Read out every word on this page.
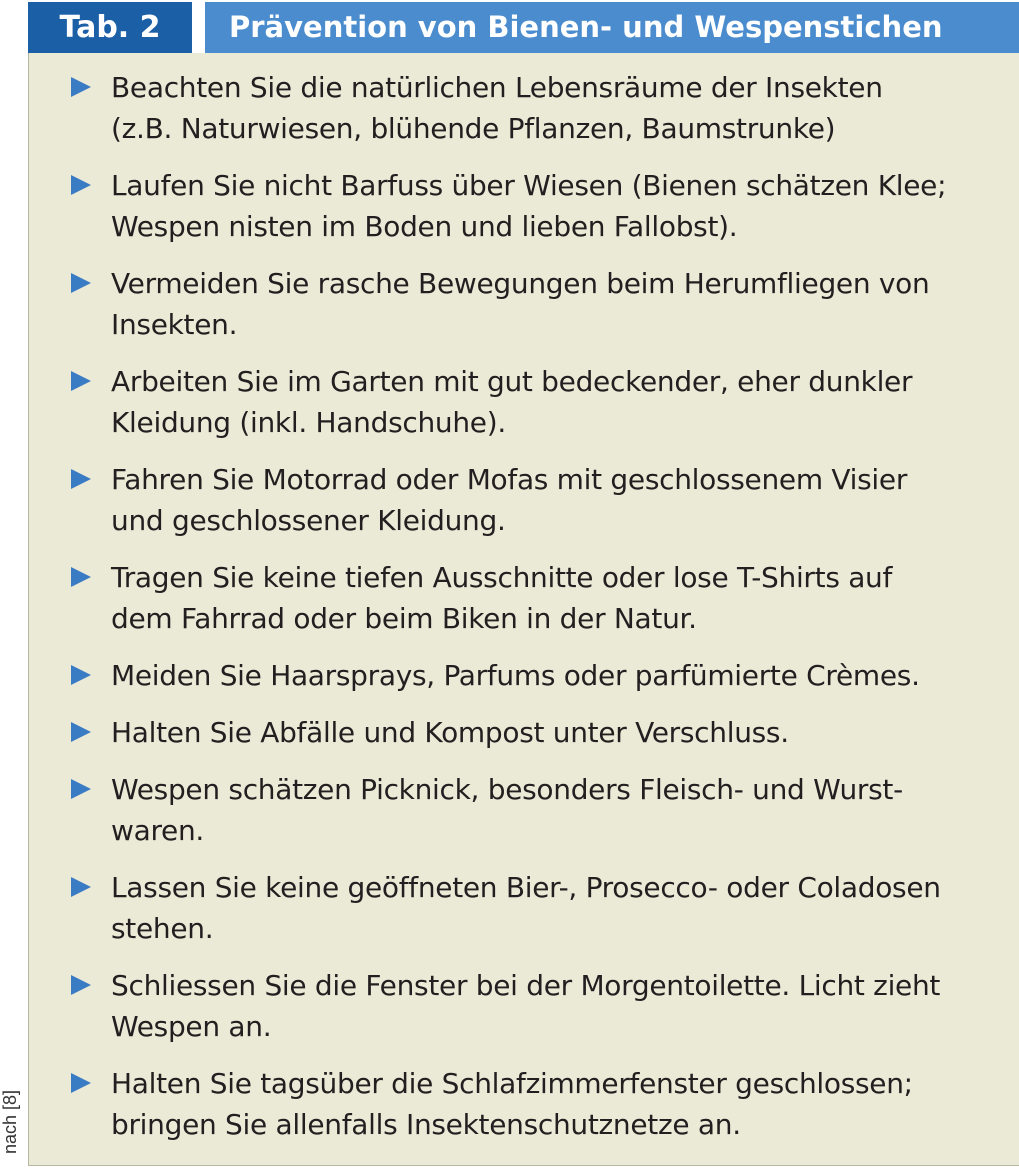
nach [8]
Tab. 2	Prävention von Bienen- und Wespenstichen
Beachten Sie die natürlichen Lebensräume der Insekten
(z.B. Naturwiesen, blühende Pflanzen, Baumstrunke)
Laufen Sie nicht Barfuss über Wiesen (Bienen schätzen Klee;
Wespen nisten im Boden und lieben Fallobst).
Vermeiden Sie rasche Bewegungen beim Herumfliegen von
Insekten.
Arbeiten Sie im Garten mit gut bedeckender, eher dunkler
Kleidung (inkl. Handschuhe).
Fahren Sie Motorrad oder Mofas mit geschlossenem Visier
und geschlossener Kleidung.
Tragen Sie keine tiefen Ausschnitte oder lose T-Shirts auf
dem Fahrrad oder beim Biken in der Natur.
Meiden Sie Haarsprays, Parfums oder parfümierte Crèmes.
Halten Sie Abfälle und Kompost unter Verschluss.
Wespen schätzen Picknick, besonders Fleisch- und Wurst-
waren.
Lassen Sie keine geöffneten Bier-, Prosecco- oder Coladosen
stehen.
Schliessen Sie die Fenster bei der Morgentoilette. Licht zieht
Wespen an.
Halten Sie tagsüber die Schlafzimmerfenster geschlossen;
bringen Sie allenfalls Insektenschutznetze an.
